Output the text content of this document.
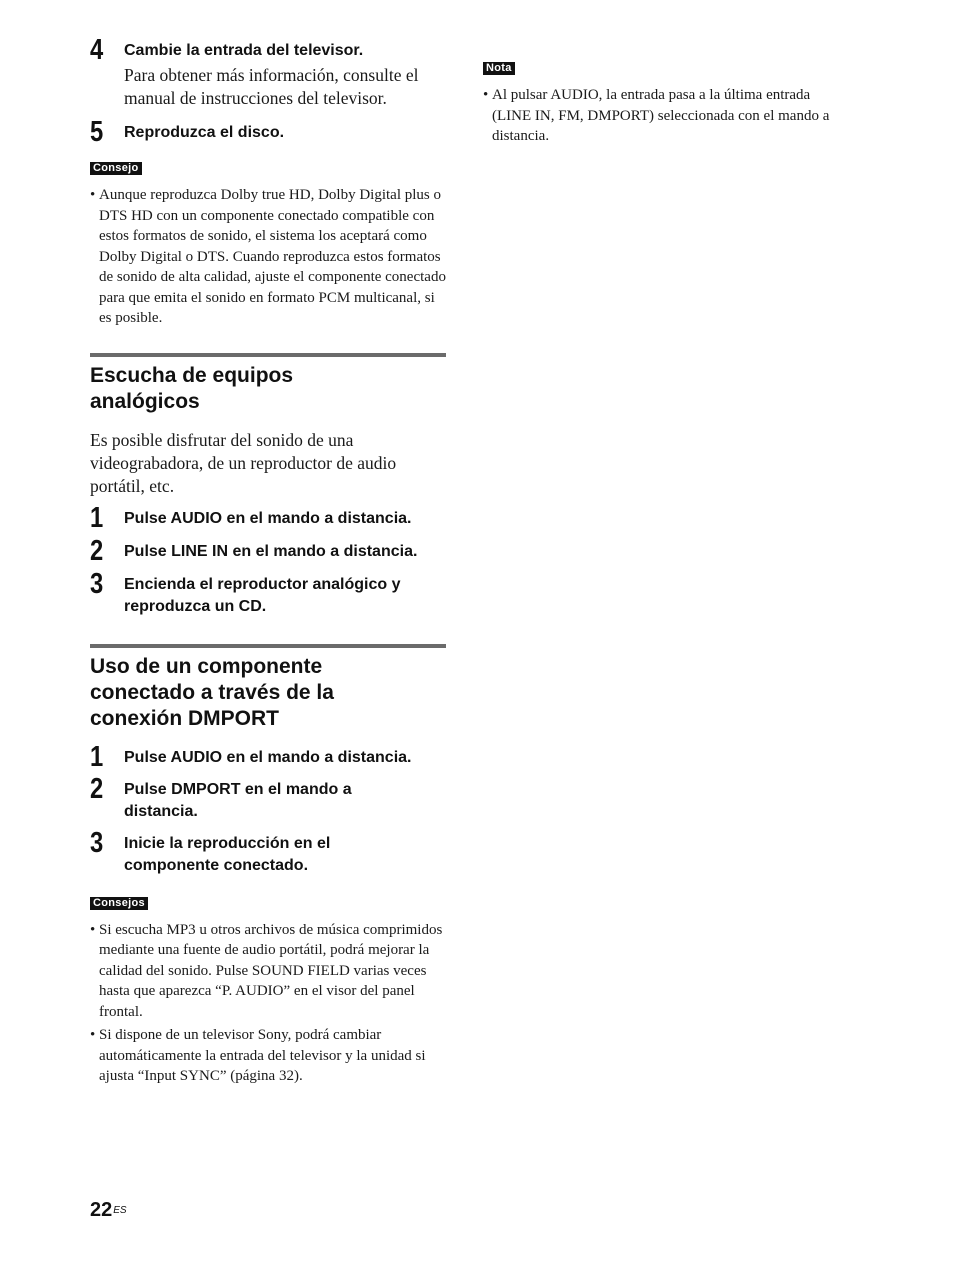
4 Cambie la entrada del televisor.
Para obtener más información, consulte el manual de instrucciones del televisor.
5 Reproduzca el disco.
Consejo
• Aunque reproduzca Dolby true HD, Dolby Digital plus o DTS HD con un componente conectado compatible con estos formatos de sonido, el sistema los aceptará como Dolby Digital o DTS. Cuando reproduzca estos formatos de sonido de alta calidad, ajuste el componente conectado para que emita el sonido en formato PCM multicanal, si es posible.
Escucha de equipos
analógicos

Es posible disfrutar del sonido de una videograbadora, de un reproductor de audio portátil, etc.

1 Pulse AUDIO en el mando a distancia.
2 Pulse LINE IN en el mando a distancia.
3 Encienda el reproductor analógico y reproduzca un CD.
Uso de un componente
conectado a través de la
conexión DMPORT
1 Pulse AUDIO en el mando a distancia.
2 Pulse DMPORT en el mando a distancia.
3 Inicie la reproducción en el componente conectado.
Consejos
• Si escucha MP3 u otros archivos de música comprimidos mediante una fuente de audio portátil, podrá mejorar la calidad del sonido. Pulse SOUND FIELD varias veces hasta que aparezca “P. AUDIO” en el visor del panel frontal.
• Si dispone de un televisor Sony, podrá cambiar automáticamente la entrada del televisor y la unidad si ajusta “Input SYNC” (página 32).
Nota
• Al pulsar AUDIO, la entrada pasa a la última entrada (LINE IN, FM, DMPORT) seleccionada con el mando a distancia.
$22^{ES}$
